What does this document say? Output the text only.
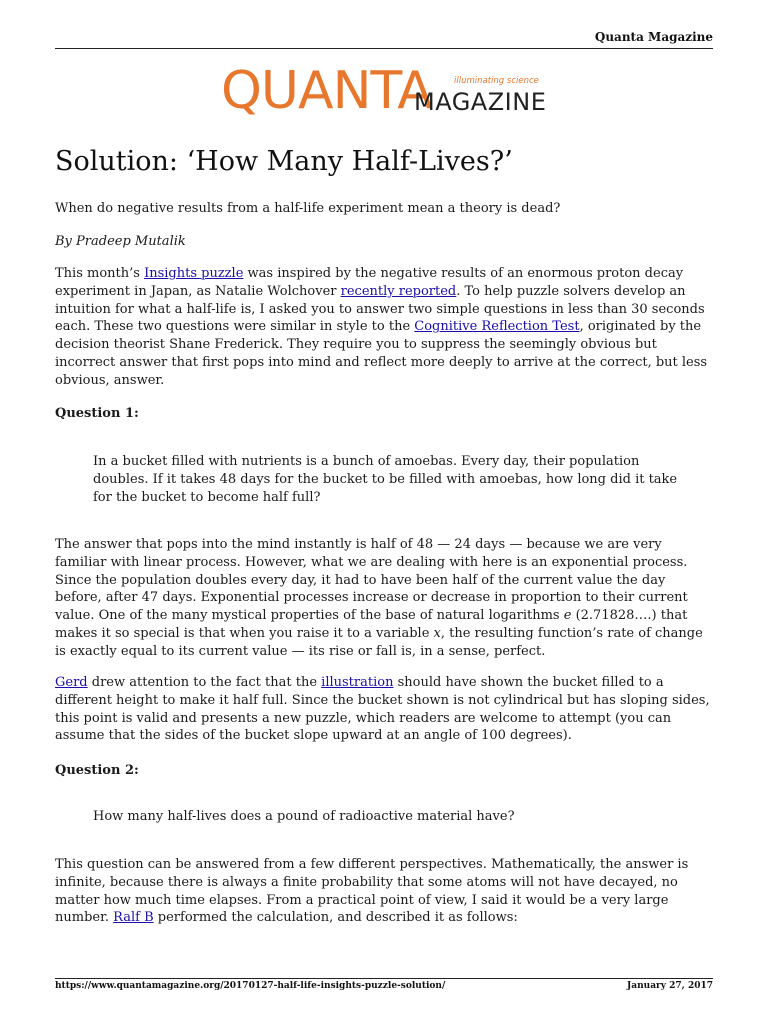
Quanta Magazine
QUANTA	illuminating science
MAGAZINE
Solution: ‘How Many Half-Lives?’

When do negative results from a half-life experiment mean a theory is dead?

By Pradeep Mutalik

This month’s Insights puzzle was inspired by the negative results of an enormous proton decay experiment in Japan, as Natalie Wolchover recently reported. To help puzzle solvers develop an intuition for what a half-life is, I asked you to answer two simple questions in less than 30 seconds each. These two questions were similar in style to the Cognitive Reflection Test, originated by the decision theorist Shane Frederick. They require you to suppress the seemingly obvious but incorrect answer that first pops into mind and reflect more deeply to arrive at the correct, but less obvious, answer.

Question 1:

In a bucket filled with nutrients is a bunch of amoebas. Every day, their population doubles. If it takes 48 days for the bucket to be filled with amoebas, how long did it take for the bucket to become half full?

The answer that pops into the mind instantly is half of 48 — 24 days — because we are very familiar with linear process. However, what we are dealing with here is an exponential process. Since the population doubles every day, it had to have been half of the current value the day before, after 47 days. Exponential processes increase or decrease in proportion to their current value. One of the many mystical properties of the base of natural logarithms e (2.71828….) that makes it so special is that when you raise it to a variable x, the resulting function’s rate of change is exactly equal to its current value — its rise or fall is, in a sense, perfect.

Gerd drew attention to the fact that the illustration should have shown the bucket filled to a different height to make it half full. Since the bucket shown is not cylindrical but has sloping sides, this point is valid and presents a new puzzle, which readers are welcome to attempt (you can assume that the sides of the bucket slope upward at an angle of 100 degrees).

Question 2:

How many half-lives does a pound of radioactive material have?

This question can be answered from a few different perspectives. Mathematically, the answer is infinite, because there is always a finite probability that some atoms will not have decayed, no matter how much time elapses. From a practical point of view, I said it would be a very large number. Ralf B performed the calculation, and described it as follows:

https://www.quantamagazine.org/20170127-half-life-insights-puzzle-solution/	January 27, 2017
